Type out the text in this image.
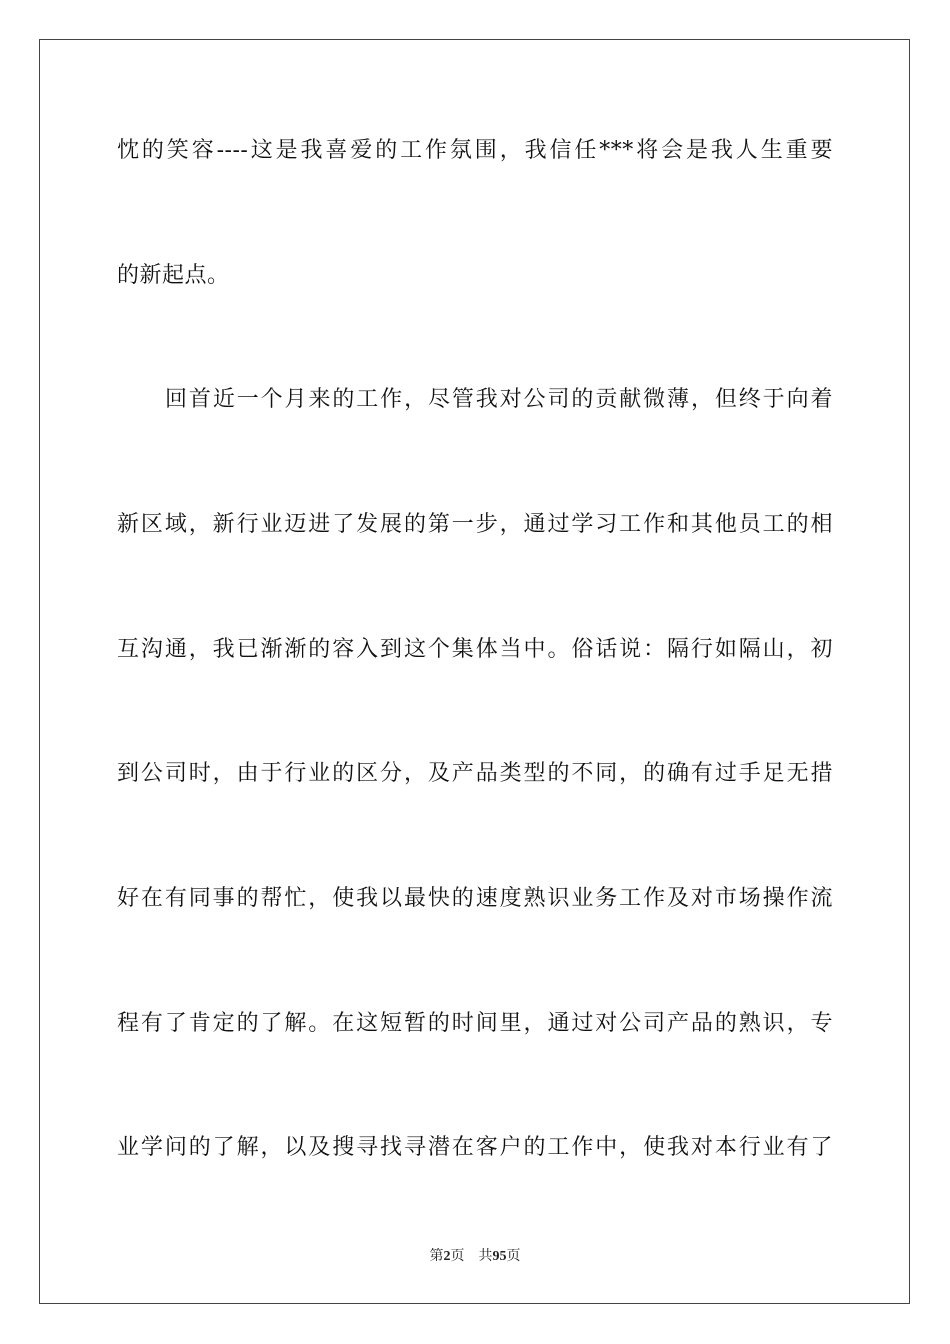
忱的笑容----这是我喜爱的工作氛围，我信任***将会是我人生重要
的新起点。
回首近一个月来的工作，尽管我对公司的贡献微薄，但终于向着
新区域，新行业迈进了发展的第一步，通过学习工作和其他员工的相
互沟通，我已渐渐的容入到这个集体当中。俗话说：隔行如隔山，初
到公司时，由于行业的区分，及产品类型的不同，的确有过手足无措
好在有同事的帮忙，使我以最快的速度熟识业务工作及对市场操作流
程有了肯定的了解。在这短暂的时间里，通过对公司产品的熟识，专
业学问的了解，以及搜寻找寻潜在客户的工作中，使我对本行业有了
第2页 共95页
